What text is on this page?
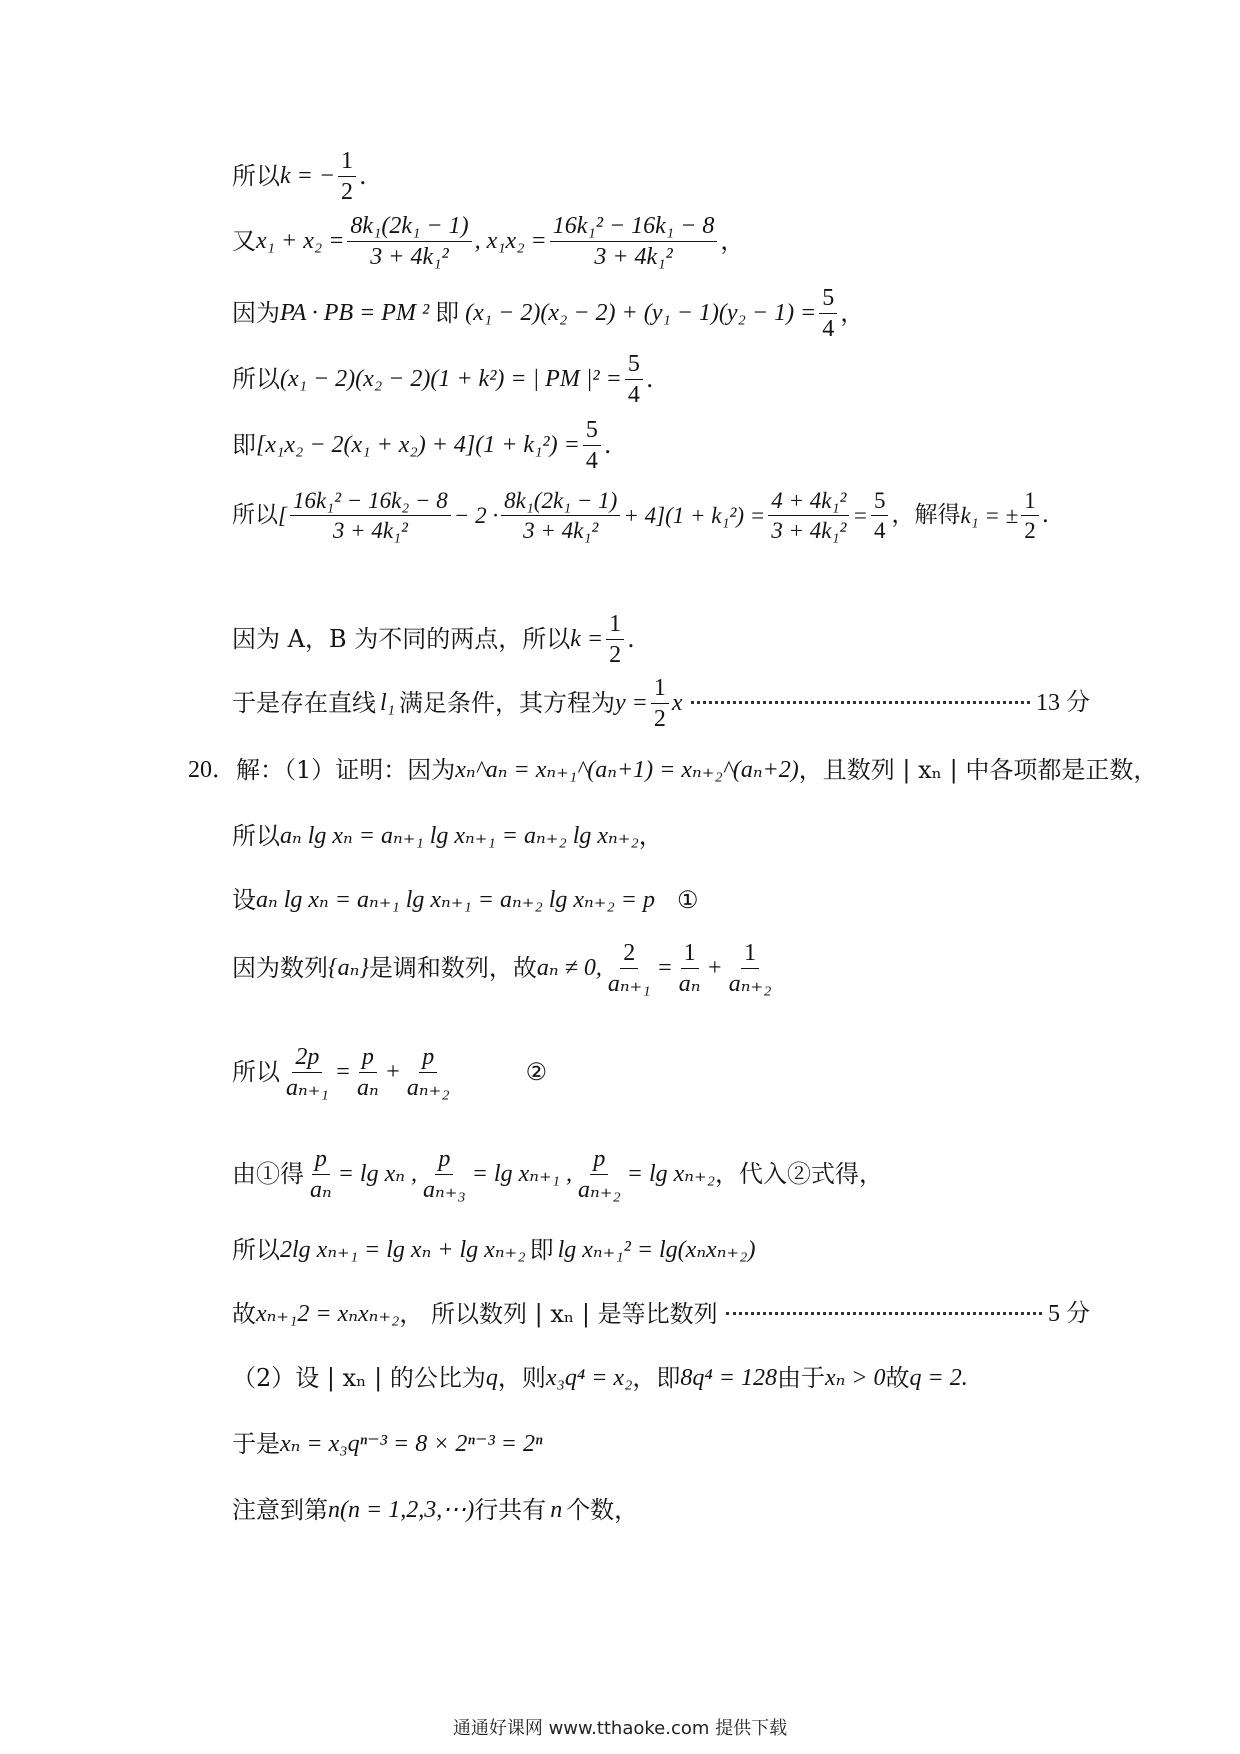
所以 k = − $\frac{1}{2}$ .
又 $x_1 + x_2 = \frac{\text{8k₁(2k₁ − 1)}}{\text{3 + 4k₁²}}$ , $x_1x_2 = \frac{\text{16k₁² − 16k₁ − 8}}{\text{3 + 4k₁²}}$ ，
因为 PA · PB = PM ² 即 $(x_1 - 2)(x_2 - 2) + (y_1 - 1)(y_2 - 1) = \frac{5}{4}$ ，
所以 (x₁ − 2)(x₂ − 2)(1 + k²) = | PM $|^2 = \frac{5}{4}$ .
即 $[x_1x_2 - 2(x_1 + x_2) + 4](1 + k_1^2) = \frac{5}{4}$ .
所以 [ $\frac{\text{16k₁² − 16k₂ − 8}}{\text{3 + 4k₁²}} - 2 \cdot \frac{\text{8k₁(2k₁ − 1)}}{\text{3 + 4k₁²}} + 4](1 + k_1^2) = \frac{\text{4 + 4k₁²}}{\text{3 + 4k₁²}} = \frac{5}{4}$ ，解得 k₁ = ± $\frac{1}{2}$ .
因为 A，B 为不同的两点，所以 $k = \frac{1}{2}$ .
于是存在直线 l₁ 满足条件，其方程为 $y = \frac{1}{2}$ x	13 分
20． 解：（1）证明：因为 xₙ^aₙ = xₙ₊₁^(aₙ+1) = xₙ₊₂^(aₙ+2) ，且数列 | xₙ | 中各项都是正数，
所以 aₙ lg xₙ = aₙ₊₁ lg xₙ₊₁ = aₙ₊₂ lg xₙ₊₂ ，
设 aₙ lg xₙ = aₙ₊₁ lg xₙ₊₁ = aₙ₊₂ lg xₙ₊₂ = p ①
因为数列 {aₙ} 是调和数列，故 aₙ ≠ 0, $\frac{2}{\text{aₙ₊₁}} = \frac{1}{\text{aₙ}} + \frac{1}{\text{aₙ₊₂}}$
所以 $\frac{2p}{\text{aₙ₊₁}} = \frac{p}{\text{aₙ}} + \frac{p}{\text{aₙ₊₂}}$	②
由①得 $\frac{p}{\text{aₙ}} = \lg x_n$ , $\frac{p}{\text{aₙ₊₃}} = \lg x_{n+1}$ , $\frac{p}{\text{aₙ₊₂}} = \lg x_{n+2}$ ，代入②式得，
所以 2lg xₙ₊₁ = lg xₙ + lg xₙ₊₂ 即 lg xₙ₊₁² = lg(xₙxₙ₊₂)
故 xₙ₊₁2 = xₙxₙ₊₂ ， 所以数列 | xₙ | 是等比数列	5 分
（2）设 | xₙ | 的公比为 q ，则 x₃q⁴ = x₂ ，即 8q⁴ = 128 由于 xₙ > 0 故 q = 2.
于是 xₙ = x₃qⁿ⁻³ = 8 × 2ⁿ⁻³ = 2ⁿ
注意到第 n(n = 1,2,3,⋯) 行共有 n 个数，
通通好课网 www.tthaoke.com 提供下载
